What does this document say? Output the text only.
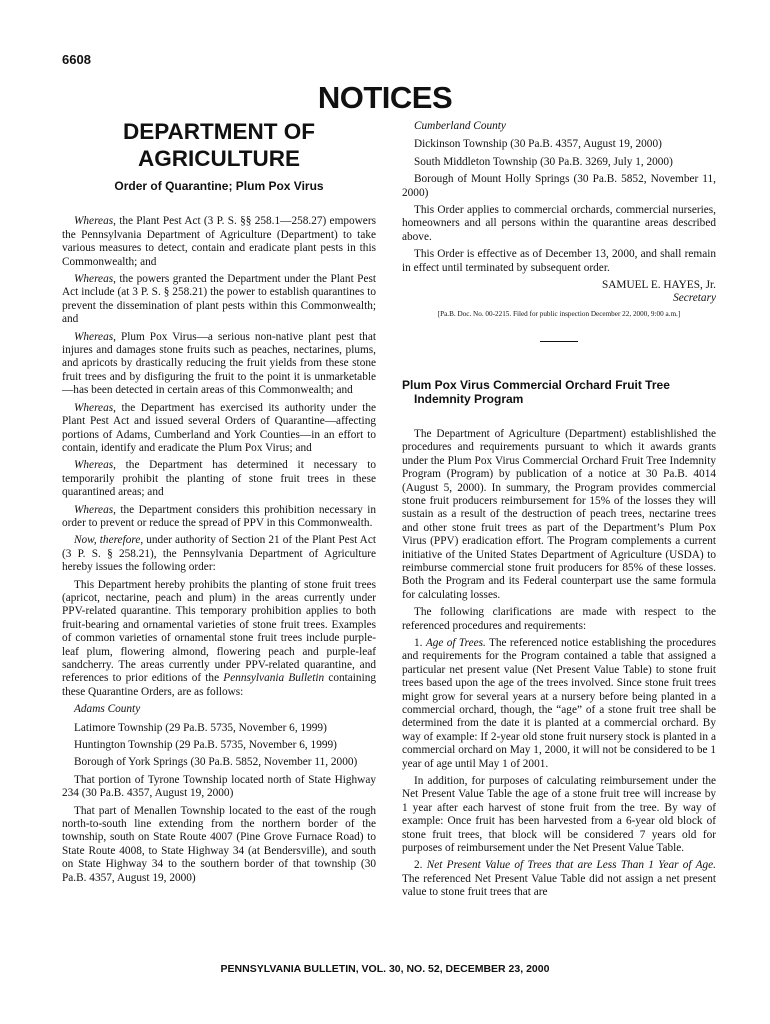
6608
NOTICES
DEPARTMENT OF
AGRICULTURE
Order of Quarantine; Plum Pox Virus

Whereas, the Plant Pest Act (3 P. S. §§ 258.1—258.27) empowers the Pennsylvania Department of Agriculture (Department) to take various measures to detect, contain and eradicate plant pests in this Commonwealth; and

Whereas, the powers granted the Department under the Plant Pest Act include (at 3 P. S. § 258.21) the power to establish quarantines to prevent the dissemination of plant pests within this Commonwealth; and

Whereas, Plum Pox Virus—a serious non-native plant pest that injures and damages stone fruits such as peaches, nectarines, plums, and apricots by drastically reducing the fruit yields from these stone fruit trees and by disfiguring the fruit to the point it is unmarketable—has been detected in certain areas of this Commonwealth; and

Whereas, the Department has exercised its authority under the Plant Pest Act and issued several Orders of Quarantine—affecting portions of Adams, Cumberland and York Counties—in an effort to contain, identify and eradicate the Plum Pox Virus; and

Whereas, the Department has determined it necessary to temporarily prohibit the planting of stone fruit trees in these quarantined areas; and

Whereas, the Department considers this prohibition necessary in order to prevent or reduce the spread of PPV in this Commonwealth.

Now, therefore, under authority of Section 21 of the Plant Pest Act (3 P. S. § 258.21), the Pennsylvania Department of Agriculture hereby issues the following order:

This Department hereby prohibits the planting of stone fruit trees (apricot, nectarine, peach and plum) in the areas currently under PPV-related quarantine. This temporary prohibition applies to both fruit-bearing and ornamental varieties of stone fruit trees. Examples of common varieties of ornamental stone fruit trees include purple-leaf plum, flowering almond, flowering peach and purple-leaf sandcherry. The areas currently under PPV-related quarantine, and references to prior editions of the Pennsylvania Bulletin containing these Quarantine Orders, are as follows:

Adams County

Latimore Township (29 Pa.B. 5735, November 6, 1999)

Huntington Township (29 Pa.B. 5735, November 6, 1999)

Borough of York Springs (30 Pa.B. 5852, November 11, 2000)

That portion of Tyrone Township located north of State Highway 234 (30 Pa.B. 4357, August 19, 2000)

That part of Menallen Township located to the east of the rough north-to-south line extending from the northern border of the township, south on State Route 4007 (Pine Grove Furnace Road) to State Route 4008, to State Highway 34 (at Bendersville), and south on State Highway 34 to the southern border of that township (30 Pa.B. 4357, August 19, 2000)

Cumberland County

Dickinson Township (30 Pa.B. 4357, August 19, 2000)

South Middleton Township (30 Pa.B. 3269, July 1, 2000)

Borough of Mount Holly Springs (30 Pa.B. 5852, November 11, 2000)

This Order applies to commercial orchards, commercial nurseries, homeowners and all persons within the quarantine areas described above.

This Order is effective as of December 13, 2000, and shall remain in effect until terminated by subsequent order.

SAMUEL E. HAYES, Jr.

Secretary

[Pa.B. Doc. No. 00-2215. Filed for public inspection December 22, 2000, 9:00 a.m.]

Plum Pox Virus Commercial Orchard Fruit Tree Indemnity Program

The Department of Agriculture (Department) establishlished the procedures and requirements pursuant to which it awards grants under the Plum Pox Virus Commercial Orchard Fruit Tree Indemnity Program (Program) by publication of a notice at 30 Pa.B. 4014 (August 5, 2000). In summary, the Program provides commercial stone fruit producers reimbursement for 15% of the losses they will sustain as a result of the destruction of peach trees, nectarine trees and other stone fruit trees as part of the Department’s Plum Pox Virus (PPV) eradication effort. The Program complements a current initiative of the United States Department of Agriculture (USDA) to reimburse commercial stone fruit producers for 85% of these losses. Both the Program and its Federal counterpart use the same formula for calculating losses.

The following clarifications are made with respect to the referenced procedures and requirements:

1. Age of Trees. The referenced notice establishing the procedures and requirements for the Program contained a table that assigned a particular net present value (Net Present Value Table) to stone fruit trees based upon the age of the trees involved. Since stone fruit trees might grow for several years at a nursery before being planted in a commercial orchard, though, the “age” of a stone fruit tree shall be determined from the date it is planted at a commercial orchard. By way of example: If 2-year old stone fruit nursery stock is planted in a commercial orchard on May 1, 2000, it will not be considered to be 1 year of age until May 1 of 2001.

In addition, for purposes of calculating reimbursement under the Net Present Value Table the age of a stone fruit tree will increase by 1 year after each harvest of stone fruit from the tree. By way of example: Once fruit has been harvested from a 6-year old block of stone fruit trees, that block will be considered 7 years old for purposes of reimbursement under the Net Present Value Table.

2. Net Present Value of Trees that are Less Than 1 Year of Age. The referenced Net Present Value Table did not assign a net present value to stone fruit trees that are

PENNSYLVANIA BULLETIN, VOL. 30, NO. 52, DECEMBER 23, 2000
